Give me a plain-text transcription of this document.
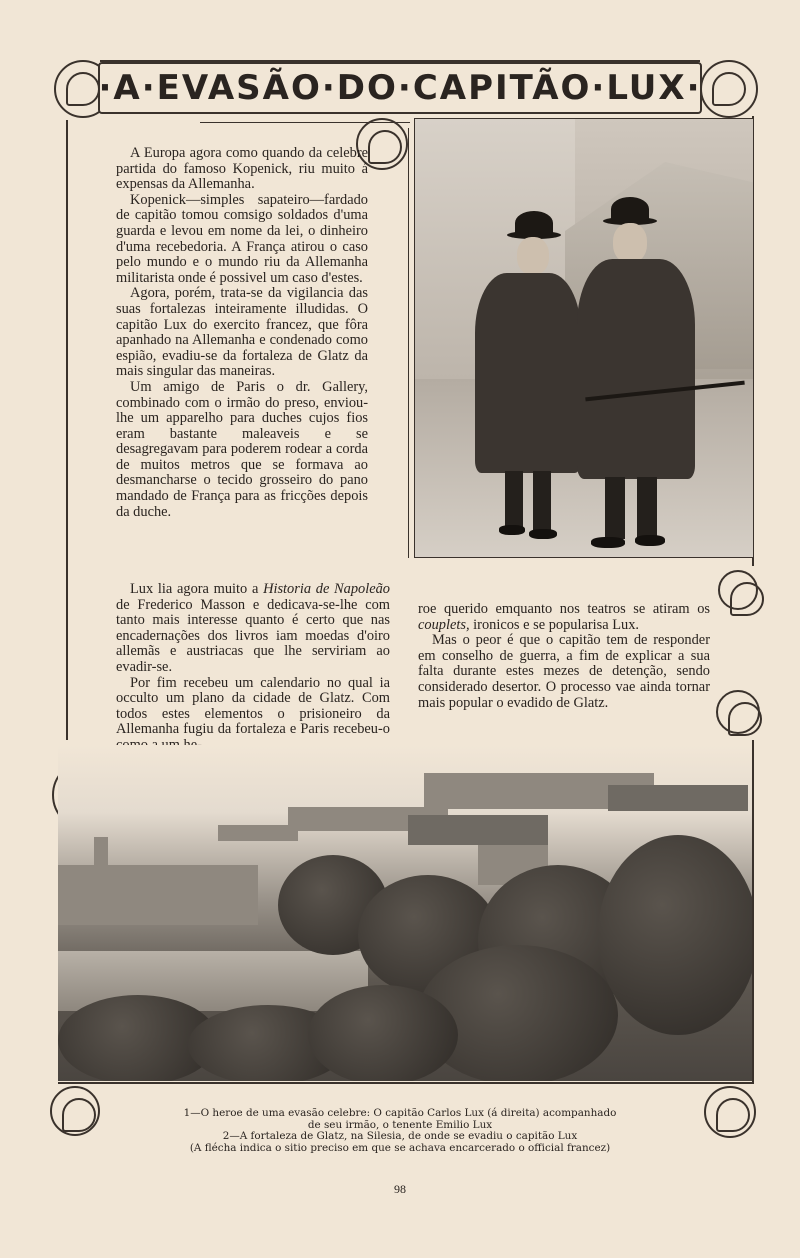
·A·EVASÃO·DO·CAPITÃO·LUX·

A Europa agora como quando da celebre partida do famoso Kopenick, riu muito á expensas da Allemanha.

Kopenick—simples sapateiro—fardado de capitão tomou comsigo soldados d'uma guarda e levou em nome da lei, o dinheiro d'uma recebedoria. A França atirou o caso pelo mundo e o mundo riu da Allemanha militarista onde é possivel um caso d'estes.

Agora, porém, trata-se da vigilancia das suas fortalezas inteiramente illudidas. O capitão Lux do exercito francez, que fôra apanhado na Allemanha e condenado como espião, evadiu-se da fortaleza de Glatz da mais singular das maneiras.

Um amigo de Paris o dr. Gallery, combinado com o irmão do preso, enviou-lhe um apparelho para duches cujos fios eram bastante maleaveis e se desagregavam para poderem rodear a corda de muitos metros que se formava ao desmancharse o tecido grosseiro do pano mandado de França para as fricções depois da duche.

Lux lia agora muito a Historia de Napoleão de Frederico Masson e dedicava-se-lhe com tanto mais interesse quanto é certo que nas encadernações dos livros iam moedas d'oiro allemãs e austriacas que lhe serviriam ao evadir-se.

Por fim recebeu um calendario no qual ia occulto um plano da cidade de Glatz. Com todos estes elementos o prisioneiro da Allemanha fugiu da fortaleza e Paris recebeu-o

roe querido emquanto nos teatros se atiram os couplets, ironicos e se popularisa Lux.

Mas o peor é que o capitão tem de responder em conselho de guerra, a fim de explicar a sua falta durante estes mezes de detenção, sendo considerado desertor. O processo vae ainda tornar mais popular o evadido de Glatz.

1—O heroe de uma evasão celebre: O capitão Carlos Lux (á direita) acompanhado
de seu irmão, o tenente Emilio Lux
2—A fortaleza de Glatz, na Silesia, de onde se evadiu o capitão Lux
(A flécha indica o sitio preciso em que se achava encarcerado o official francez)
98
